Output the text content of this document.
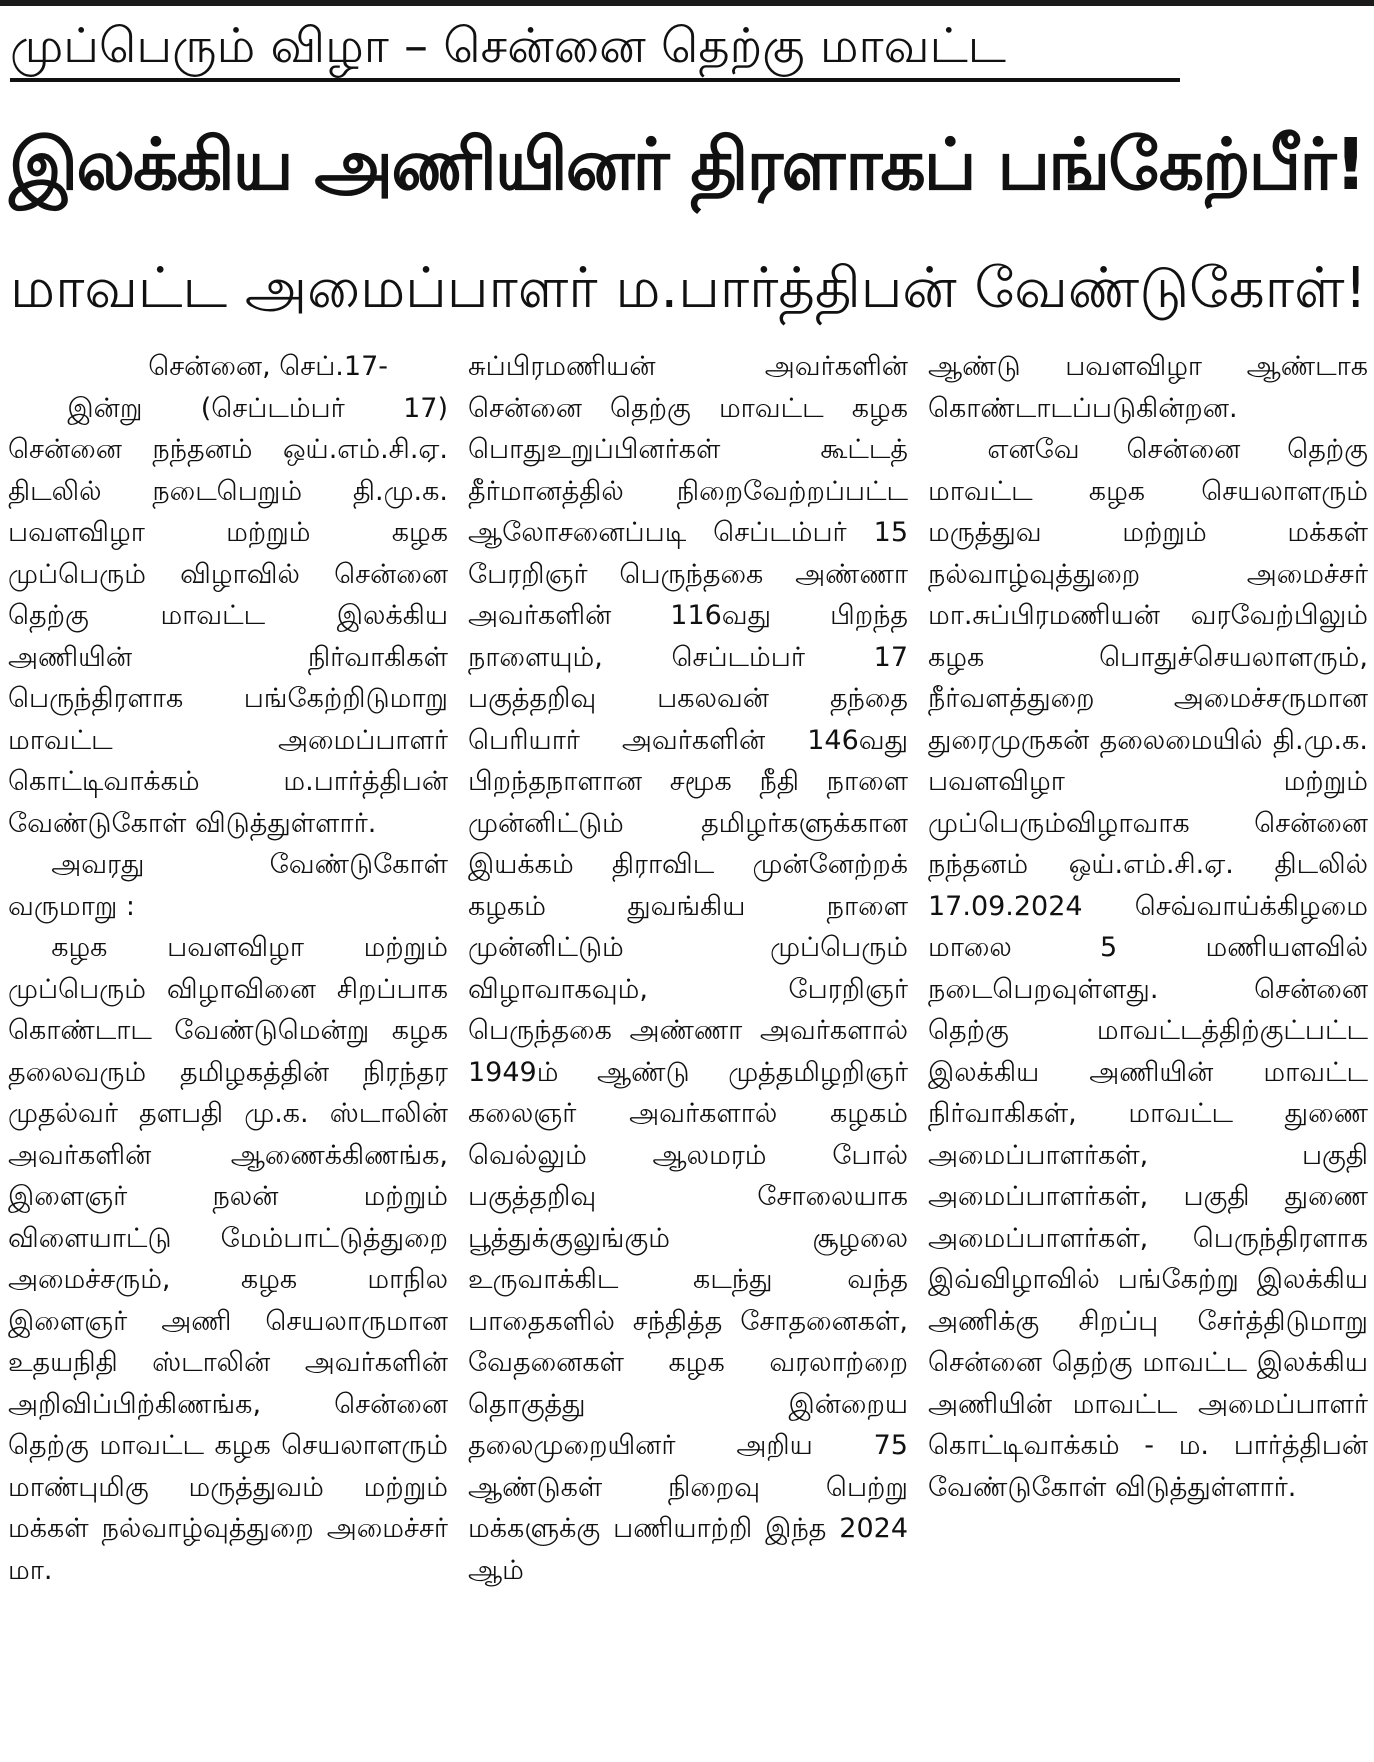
முப்பெரும் விழா – சென்னை தெற்கு மாவட்ட
இலக்கிய அணியினர் திரளாகப் பங்கேற்பீர்!
மாவட்ட அமைப்பாளர் ம.பார்த்திபன் வேண்டுகோள்!
சென்னை, செப்.17-

இன்று (செப்டம்பர் 17) சென்னை நந்தனம் ஒய்.எம்.சி.ஏ. திடலில் நடைபெறும் தி.மு.க. பவளவிழா மற்றும் கழக முப்பெரும் விழாவில் சென்னை தெற்கு மாவட்ட இலக்கிய அணியின் நிர்வாகிகள் பெருந்திரளாக பங்கேற்றிடுமாறு மாவட்ட அமைப்பாளர் கொட்டிவாக்கம் ம.பார்த்திபன் வேண்டுகோள் விடுத்துள்ளார்.

அவரது வேண்டுகோள் வருமாறு :

கழக பவளவிழா மற்றும் முப்பெரும் விழாவினை சிறப்பாக கொண்டாட வேண்டுமென்று கழக தலைவரும் தமிழகத்தின் நிரந்தர முதல்வர் தளபதி மு.க. ஸ்டாலின் அவர்களின் ஆணைக்கிணங்க, இளைஞர் நலன் மற்றும் விளையாட்டு மேம்பாட்டுத்துறை அமைச்சரும், கழக மாநில இளைஞர் அணி செயலாருமான உதயநிதி ஸ்டாலின் அவர்களின் அறிவிப்பிற்கிணங்க, சென்னை தெற்கு மாவட்ட கழக செயலாளரும் மாண்புமிகு மருத்துவம் மற்றும் மக்கள் நல்வாழ்வுத்துறை அமைச்சர் மா.

சுப்பிரமணியன் அவர்களின் சென்னை தெற்கு மாவட்ட கழக பொதுஉறுப்பினர்கள் கூட்டத் தீர்மானத்தில் நிறைவேற்றப்பட்ட ஆலோசனைப்படி செப்டம்பர் 15 பேரறிஞர் பெருந்தகை அண்ணா அவர்களின் 116வது பிறந்த நாளையும், செப்டம்பர் 17 பகுத்தறிவு பகலவன் தந்தை பெரியார் அவர்களின் 146வது பிறந்தநாளான சமூக நீதி நாளை முன்னிட்டும் தமிழர்களுக்கான இயக்கம் திராவிட முன்னேற்றக் கழகம் துவங்கிய நாளை முன்னிட்டும் முப்பெரும் விழாவாகவும், பேரறிஞர் பெருந்தகை அண்ணா அவர்களால் 1949ம் ஆண்டு முத்தமிழறிஞர் கலைஞர் அவர்களால் கழகம் வெல்லும் ஆலமரம் போல் பகுத்தறிவு சோலையாக பூத்துக்குலுங்கும் சூழலை உருவாக்கிட கடந்து வந்த பாதைகளில் சந்தித்த சோதனைகள், வேதனைகள் கழக வரலாற்றை தொகுத்து இன்றைய தலைமுறையினர் அறிய 75 ஆண்டுகள் நிறைவு பெற்று மக்களுக்கு பணியாற்றி இந்த 2024 ஆம்

ஆண்டு பவளவிழா ஆண்டாக கொண்டாடப்படுகின்றன.

எனவே சென்னை தெற்கு மாவட்ட கழக செயலாளரும் மருத்துவ மற்றும் மக்கள் நல்வாழ்வுத்துறை அமைச்சர் மா.சுப்பிரமணியன் வரவேற்பிலும் கழக பொதுச்செயலாளரும், நீர்வளத்துறை அமைச்சருமான துரைமுருகன் தலைமையில் தி.மு.க. பவளவிழா மற்றும் முப்பெரும்விழாவாக சென்னை நந்தனம் ஒய்.எம்.சி.ஏ. திடலில் 17.09.2024 செவ்வாய்க்கிழமை மாலை 5 மணியளவில் நடைபெறவுள்ளது. சென்னை தெற்கு மாவட்டத்திற்குட்பட்ட இலக்கிய அணியின் மாவட்ட நிர்வாகிகள், மாவட்ட துணை அமைப்பாளர்கள், பகுதி அமைப்பாளர்கள், பகுதி துணை அமைப்பாளர்கள், பெருந்திரளாக இவ்விழாவில் பங்கேற்று இலக்கிய அணிக்கு சிறப்பு சேர்த்திடுமாறு சென்னை தெற்கு மாவட்ட இலக்கிய அணியின் மாவட்ட அமைப்பாளர் கொட்டிவாக்கம் - ம. பார்த்திபன் வேண்டுகோள் விடுத்துள்ளார்.
